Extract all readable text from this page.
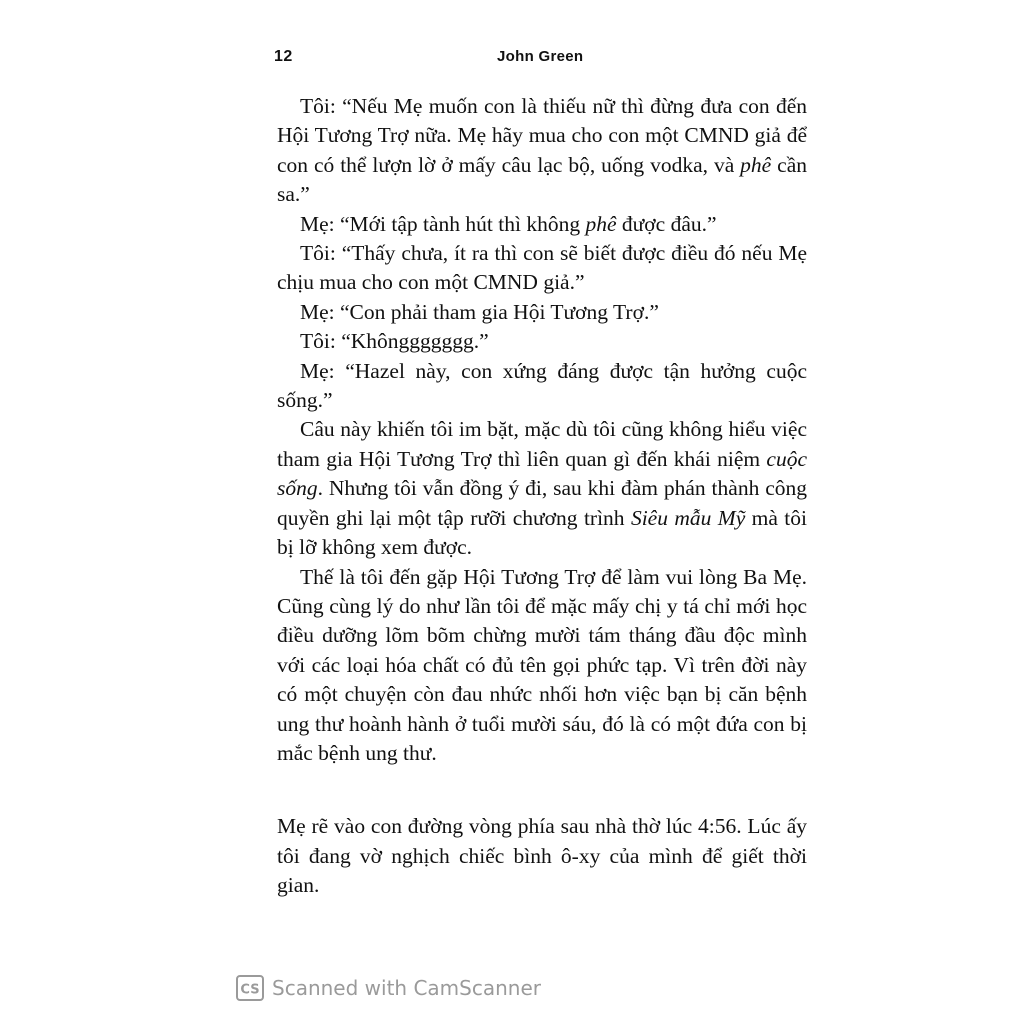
12	John Green

Tôi: “Nếu Mẹ muốn con là thiếu nữ thì đừng đưa con đến Hội Tương Trợ nữa. Mẹ hãy mua cho con một CMND giả để con có thể lượn lờ ở mấy câu lạc bộ, uống vodka, và phê cần sa.”

Mẹ: “Mới tập tành hút thì không phê được đâu.”

Tôi: “Thấy chưa, ít ra thì con sẽ biết được điều đó nếu Mẹ chịu mua cho con một CMND giả.”

Mẹ: “Con phải tham gia Hội Tương Trợ.”

Tôi: “Khônggggggg.”

Mẹ: “Hazel này, con xứng đáng được tận hưởng cuộc sống.”

Câu này khiến tôi im bặt, mặc dù tôi cũng không hiểu việc tham gia Hội Tương Trợ thì liên quan gì đến khái niệm cuộc sống. Nhưng tôi vẫn đồng ý đi, sau khi đàm phán thành công quyền ghi lại một tập rưỡi chương trình Siêu mẫu Mỹ mà tôi bị lỡ không xem được.

Thế là tôi đến gặp Hội Tương Trợ để làm vui lòng Ba Mẹ. Cũng cùng lý do như lần tôi để mặc mấy chị y tá chỉ mới học điều dưỡng lõm bõm chừng mười tám tháng đầu độc mình với các loại hóa chất có đủ tên gọi phức tạp. Vì trên đời này có một chuyện còn đau nhức nhối hơn việc bạn bị căn bệnh ung thư hoành hành ở tuổi mười sáu, đó là có một đứa con bị mắc bệnh ung thư.

Mẹ rẽ vào con đường vòng phía sau nhà thờ lúc 4:56. Lúc ấy tôi đang vờ nghịch chiếc bình ô-xy của mình để giết thời gian.

CS Scanned with CamScanner
